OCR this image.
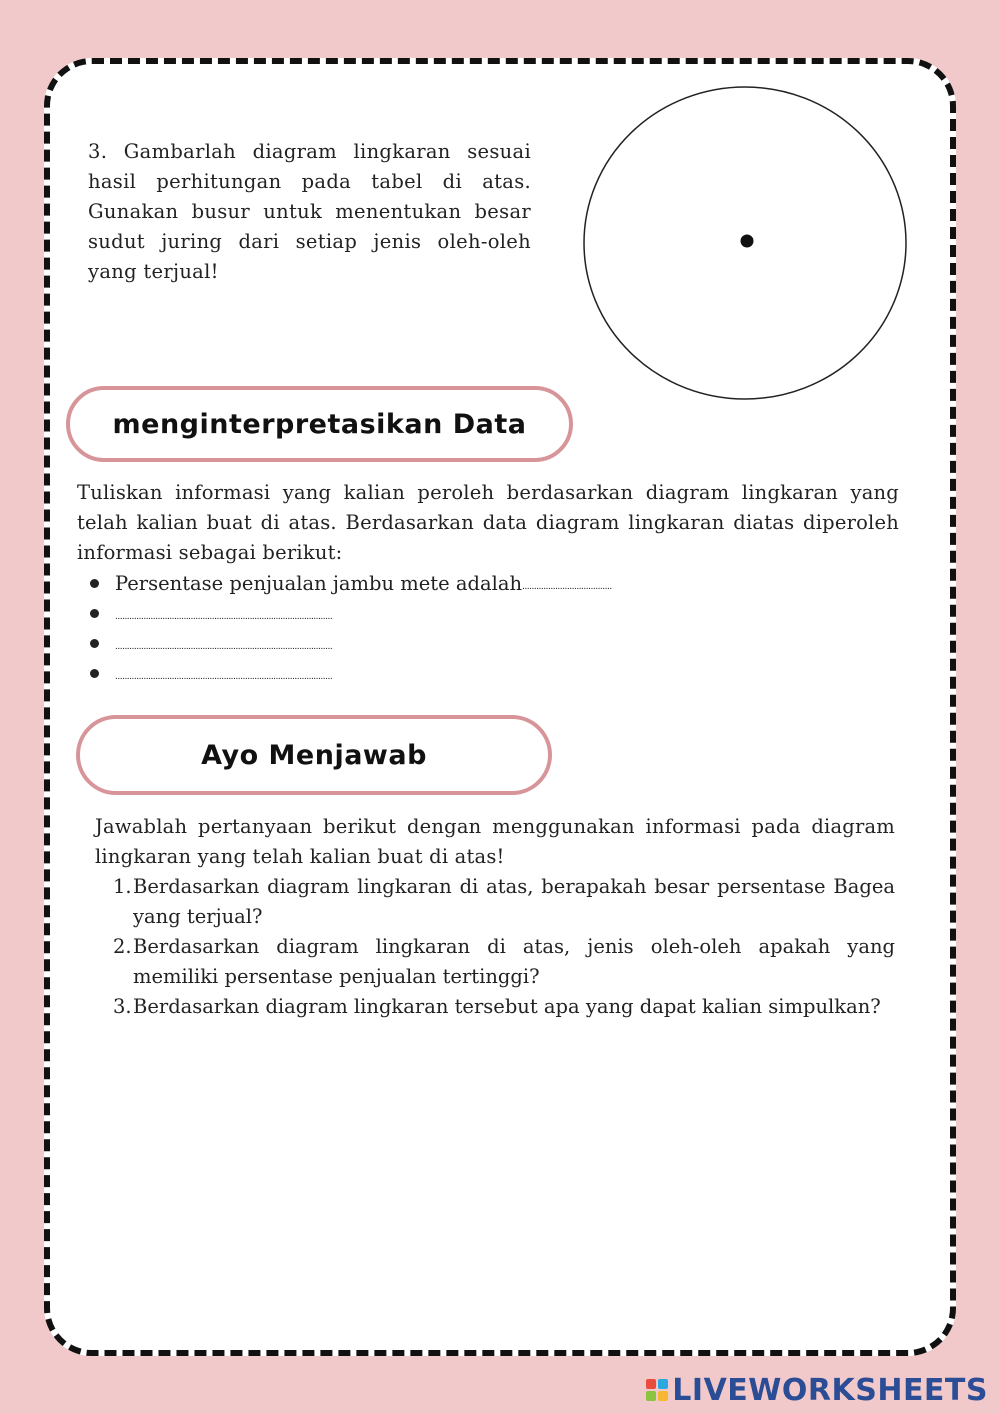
3. Gambarlah diagram lingkaran sesuai hasil perhitungan pada tabel di atas. Gunakan busur untuk menentukan besar sudut juring dari setiap jenis oleh-oleh yang terjual!
menginterpretasikan Data
Tuliskan informasi yang kalian peroleh berdasarkan diagram lingkaran yang telah kalian buat di atas. Berdasarkan data diagram lingkaran diatas diperoleh informasi sebagai berikut:
Persentase penjualan jambu mete adalah ......................................
............................................................................................
............................................................................................
............................................................................................
Ayo Menjawab
Jawablah pertanyaan berikut dengan menggunakan informasi pada diagram lingkaran yang telah kalian buat di atas!
1. Berdasarkan diagram lingkaran di atas, berapakah besar persentase Bagea yang terjual?
2. Berdasarkan diagram lingkaran di atas, jenis oleh-oleh apakah yang memiliki persentase penjualan tertinggi?
3. Berdasarkan diagram lingkaran tersebut apa yang dapat kalian simpulkan?
LIVEWORKSHEETS
